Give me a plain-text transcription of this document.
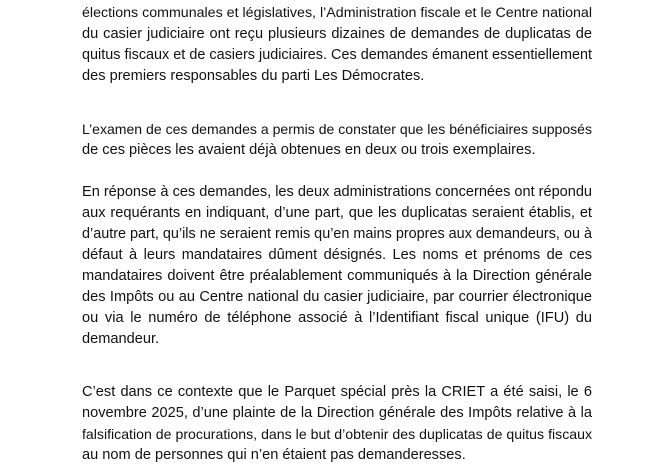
élections communales et législatives, l’Administration fiscale et le Centre national
du casier judiciaire ont reçu plusieurs dizaines de demandes de duplicatas de
quitus fiscaux et de casiers judiciaires. Ces demandes émanent essentiellement
des premiers responsables du parti Les Démocrates.
L’examen de ces demandes a permis de constater que les bénéficiaires supposés
de ces pièces les avaient déjà obtenues en deux ou trois exemplaires.
En réponse à ces demandes, les deux administrations concernées ont répondu
aux requérants en indiquant, d’une part, que les duplicatas seraient établis, et
d’autre part, qu’ils ne seraient remis qu’en mains propres aux demandeurs, ou à
défaut à leurs mandataires dûment désignés. Les noms et prénoms de ces
mandataires doivent être préalablement communiqués à la Direction générale
des Impôts ou au Centre national du casier judiciaire, par courrier électronique
ou via le numéro de téléphone associé à l’Identifiant fiscal unique (IFU) du
demandeur.
C’est dans ce contexte que le Parquet spécial près la CRIET a été saisi, le 6
novembre 2025, d’une plainte de la Direction générale des Impôts relative à la
falsification de procurations, dans le but d’obtenir des duplicatas de quitus fiscaux
au nom de personnes qui n’en étaient pas demanderesses.
